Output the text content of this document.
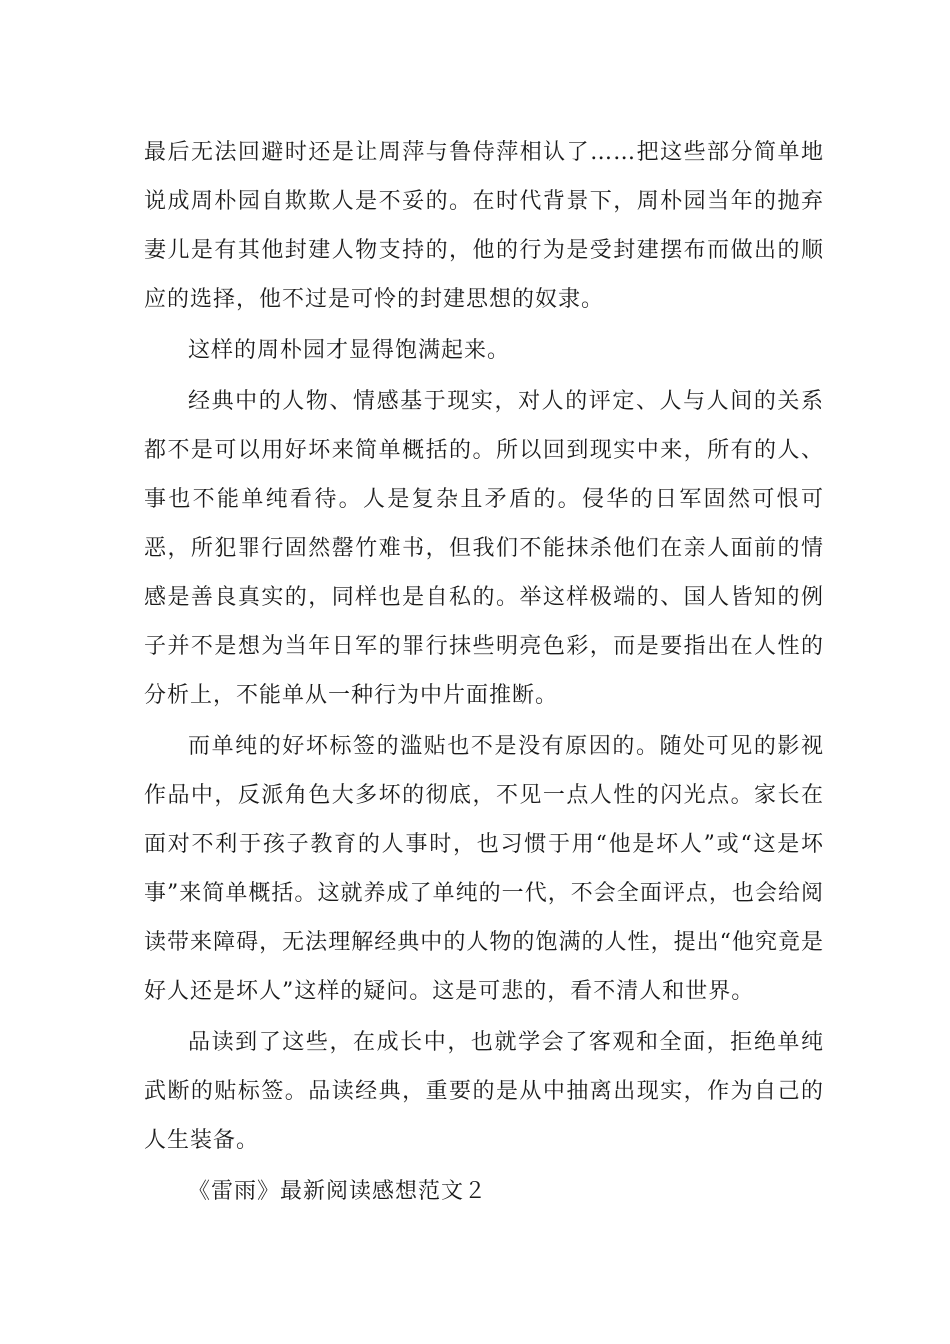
最后无法回避时还是让周萍与鲁侍萍相认了……把这些部分简单地说成周朴园自欺欺人是不妥的。在时代背景下，周朴园当年的抛弃妻儿是有其他封建人物支持的，他的行为是受封建摆布而做出的顺应的选择，他不过是可怜的封建思想的奴隶。

这样的周朴园才显得饱满起来。

经典中的人物、情感基于现实，对人的评定、人与人间的关系都不是可以用好坏来简单概括的。所以回到现实中来，所有的人、事也不能单纯看待。人是复杂且矛盾的。侵华的日军固然可恨可恶，所犯罪行固然罄竹难书，但我们不能抹杀他们在亲人面前的情感是善良真实的，同样也是自私的。举这样极端的、国人皆知的例子并不是想为当年日军的罪行抹些明亮色彩，而是要指出在人性的分析上，不能单从一种行为中片面推断。

而单纯的好坏标签的滥贴也不是没有原因的。随处可见的影视作品中，反派角色大多坏的彻底，不见一点人性的闪光点。家长在面对不利于孩子教育的人事时，也习惯于用“他是坏人”或“这是坏事”来简单概括。这就养成了单纯的一代，不会全面评点，也会给阅读带来障碍，无法理解经典中的人物的饱满的人性，提出“他究竟是好人还是坏人”这样的疑问。这是可悲的，看不清人和世界。

品读到了这些，在成长中，也就学会了客观和全面，拒绝单纯武断的贴标签。品读经典，重要的是从中抽离出现实，作为自己的人生装备。

《雷雨》最新阅读感想范文２
